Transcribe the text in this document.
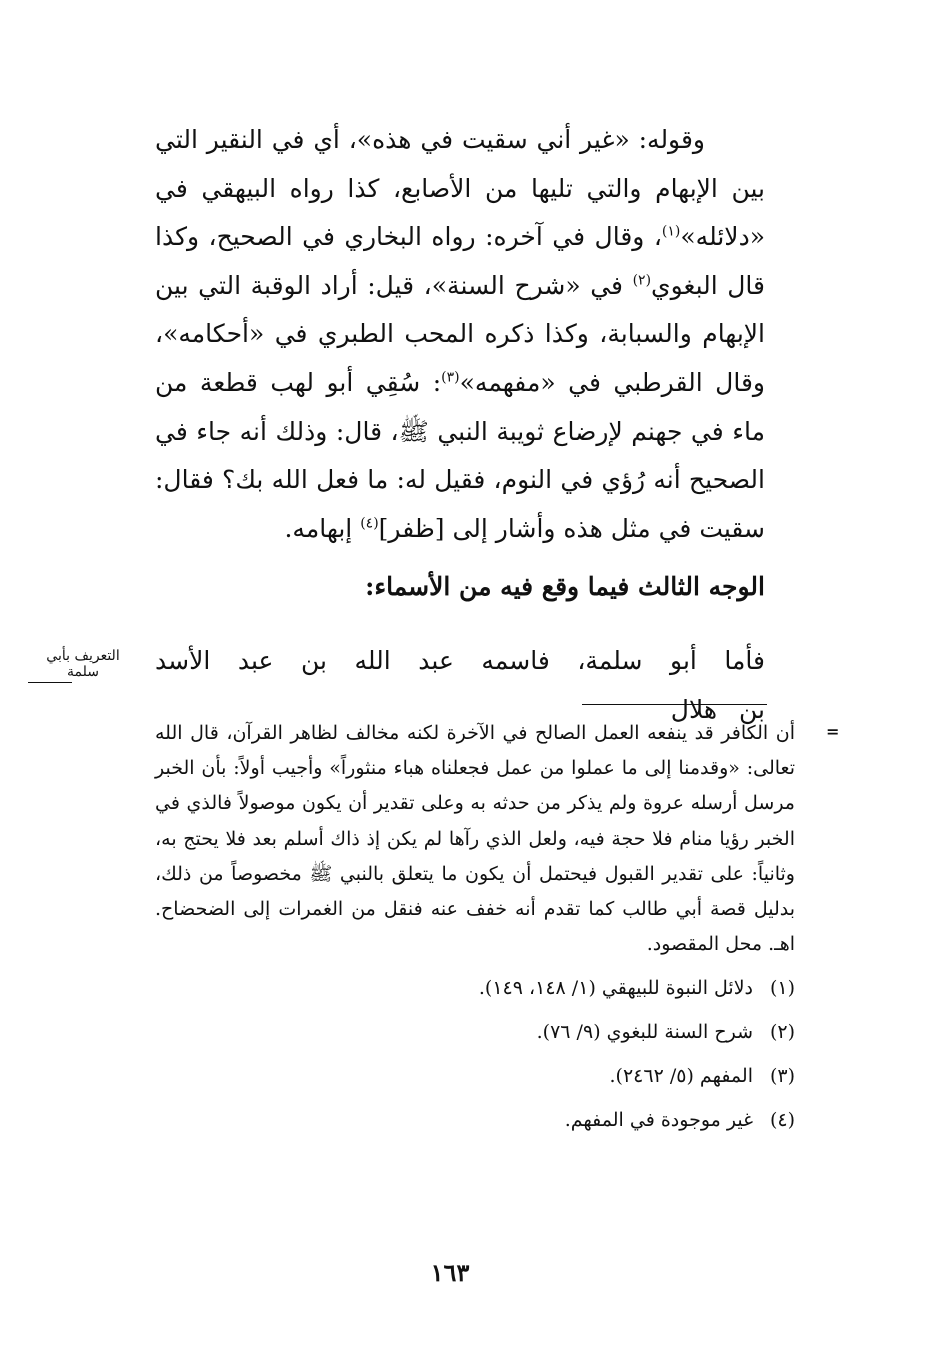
وقوله: «غير أني سقيت في هذه»، أي في النقير التي بين الإبهام والتي تليها من الأصابع، كذا رواه البيهقي في «دلائله»$^{(١)}$، وقال في آخره: رواه البخاري في الصحيح، وكذا قال البغوي$^{(٢)}$ في «شرح السنة»، قيل: أراد الوقبة التي بين الإبهام والسبابة، وكذا ذكره المحب الطبري في «أحكامه»، وقال القرطبي في «مفهمه»$^{(٣)}$: سُقِي أبو لهب قطعة من ماء في جهنم لإرضاع ثويبة النبي ﷺ، قال: وذلك أنه جاء في الصحيح أنه رُؤي في النوم، فقيل له: ما فعل الله بك؟ فقال: سقيت في مثل هذه وأشار إلى [ظفر]$^{(٤)}$ إبهامه.

الوجه الثالث فيما وقع فيه من الأسماء:

فأما أبو سلمة، فاسمه عبد الله بن عبد الأسد بن هلال

التعريف بأبي
سلمة
=

أن الكافر قد ينفعه العمل الصالح في الآخرة لكنه مخالف لظاهر القرآن، قال الله تعالى: «وقدمنا إلى ما عملوا من عمل فجعلناه هباء منثوراً» وأجيب أولاً: بأن الخبر مرسل أرسله عروة ولم يذكر من حدثه به وعلى تقدير أن يكون موصولاً فالذي في الخبر رؤيا منام فلا حجة فيه، ولعل الذي رآها لم يكن إذ ذاك أسلم بعد فلا يحتج به، وثانياً: على تقدير القبول فيحتمل أن يكون ما يتعلق بالنبي ﷺ مخصوصاً من ذلك، بدليل قصة أبي طالب كما تقدم أنه خفف عنه فنقل من الغمرات إلى الضحضاح. اهـ. محل المقصود.

(١)دلائل النبوة للبيهقي (١/ ١٤٨، ١٤٩).
(٢)شرح السنة للبغوي (٩/ ٧٦).
(٣)المفهم (٥/ ٢٤٦٢).
(٤)غير موجودة في المفهم.
١٦٣
